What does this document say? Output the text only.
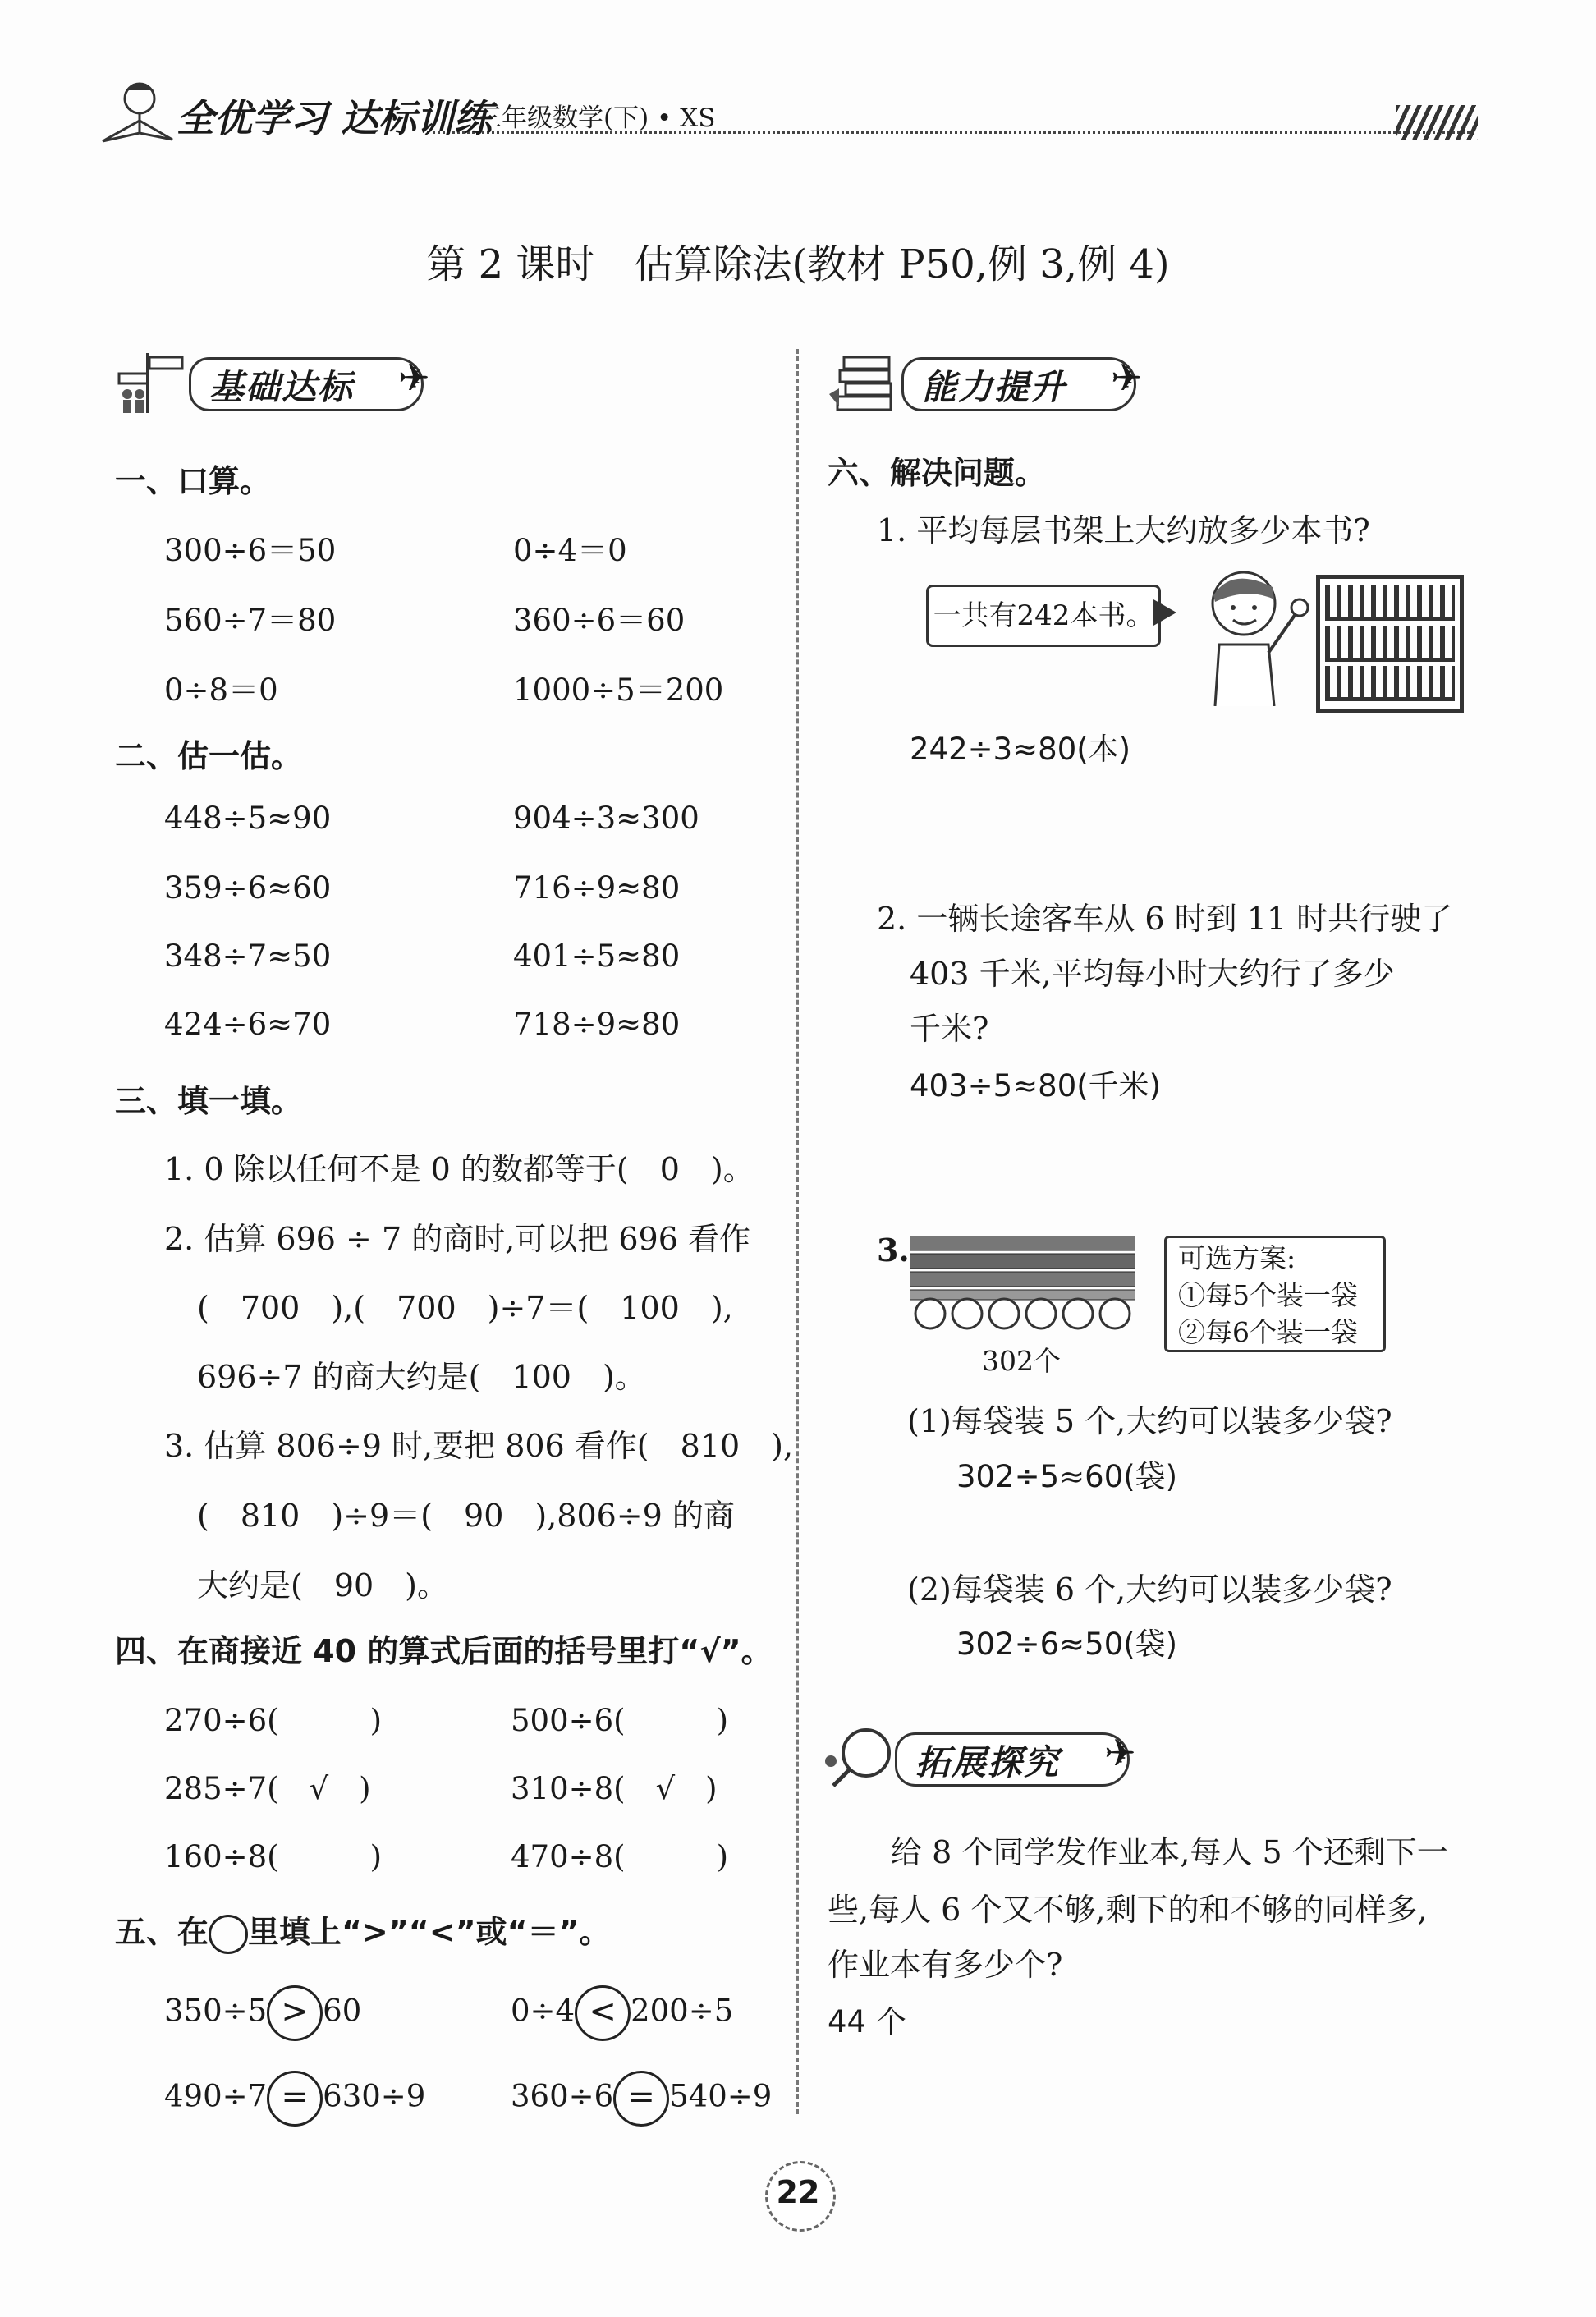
全优学习 达标训练
三年级数学(下) • XS
第 2 课时　估算除法(教材 P50,例 3,例 4)
基础达标 ✈
一、口算。
300÷6＝50	0÷4＝0
560÷7＝80	360÷6＝60
0÷8＝0	1000÷5＝200
二、估一估。
448÷5≈90	904÷3≈300
359÷6≈60	716÷9≈80
348÷7≈50	401÷5≈80
424÷6≈70	718÷9≈80
三、填一填。
1. 0 除以任何不是 0 的数都等于(　0　)。
2. 估算 696 ÷ 7 的商时,可以把 696 看作
(　700　),(　700　)÷7＝(　100　),
696÷7 的商大约是(　100　)。
3. 估算 806÷9 时,要把 806 看作(　810　),
(　810　)÷9＝(　90　),806÷9 的商
大约是(　90　)。
四、在商接近 40 的算式后面的括号里打“√”。
270÷6(　　　)	500÷6(　　　)
285÷7(　√　)	310÷8(　√　)
160÷8(　　　)	470÷8(　　　)
五、在 里填上“>”“<”或“＝”。
350÷5 > 60	0÷4 < 200÷5
490÷7 = 630÷9	360÷6 = 540÷9
能力提升 ✈
六、解决问题。
1. 平均每层书架上大约放多少本书?
一共有242本书。
242÷3≈80(本)
2. 一辆长途客车从 6 时到 11 时共行驶了
403 千米,平均每小时大约行了多少
千米?
403÷5≈80(千米)
3.
302个
可选方案:
①每5个装一袋
②每6个装一袋
(1)每袋装 5 个,大约可以装多少袋?
302÷5≈60(袋)
(2)每袋装 6 个,大约可以装多少袋?
302÷6≈50(袋)
拓展探究 ✈
给 8 个同学发作业本,每人 5 个还剩下一
些,每人 6 个又不够,剩下的和不够的同样多,
作业本有多少个?
44 个
22
